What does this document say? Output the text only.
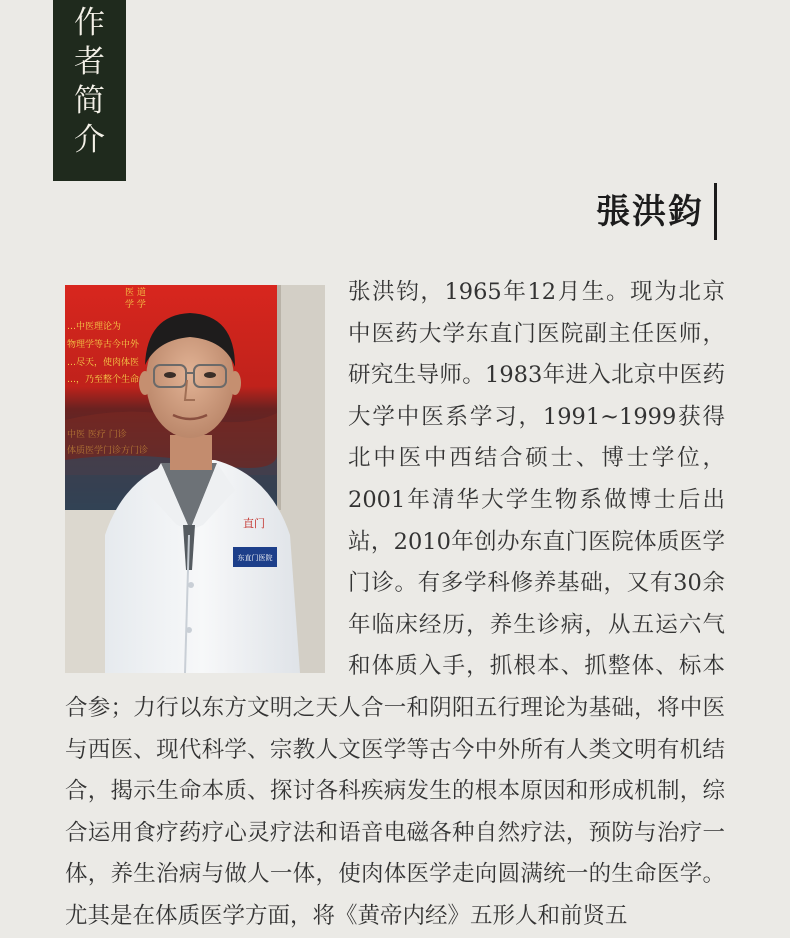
作
者
简
介
張洪鈞
医 道
学 学
…中医理论为
物理学等古今中外
…尽天，使肉体医
…，乃至整个生命
东直门医院
直门

张洪钧，1965年12月生。现为北京中医药大学东直门医院副主任医师，研究生导师。1983年进入北京中医药大学中医系学习，1991~1999获得北中医中西结合硕士、博士学位，2001年清华大学生物系做博士后出站，2010年创办东直门医院体质医学门诊。有多学科修养基础，又有30余年临床经历，养生诊病，从五运六气和体质入手，抓根本、抓整体、标本合参；力行以东方文明之天人合一和阴阳五行理论为基础，将中医与西医、现代科学、宗教人文医学等古今中外所有人类文明有机结合，揭示生命本质、探讨各科疾病发生的根本原因和形成机制，综合运用食疗药疗心灵疗法和语音电磁各种自然疗法，预防与治疗一体，养生治病与做人一体，使肉体医学走向圆满统一的生命医学。尤其是在体质医学方面，将《黄帝内经》五形人和前贤五
